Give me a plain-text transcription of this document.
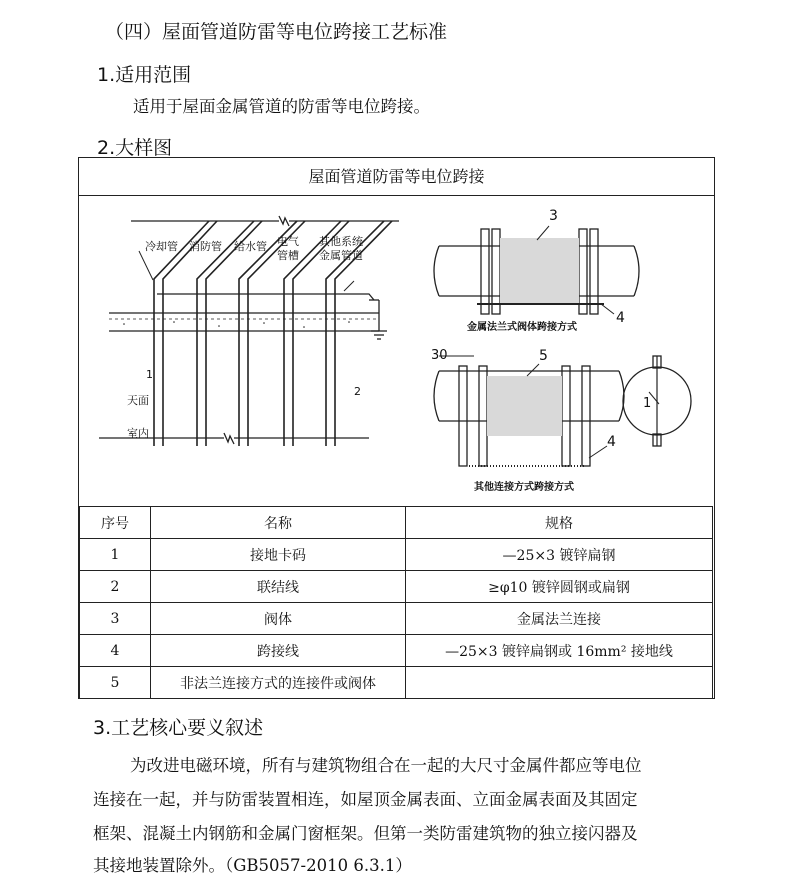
（四）屋面管道防雷等电位跨接工艺标准
1.适用范围
适用于屋面金属管道的防雷等电位跨接。
2.大样图
屋面管道防雷等电位跨接
天面
室内
1
2
冷却管 消防管 给水管 电气
管槽
其他系统
金属管道
金属法兰式阀体跨接方式
其他连接方式跨接方式
3
4
5
30
4
1
序号	名称	规格
1	接地卡码	—25×3 镀锌扁钢
2	联结线	≥φ10 镀锌圆钢或扁钢
3	阀体	金属法兰连接
4	跨接线	—25×3 镀锌扁钢或 16mm² 接地线
5	非法兰连接方式的连接件或阀体	
3.工艺核心要义叙述
为改进电磁环境，所有与建筑物组合在一起的大尺寸金属件都应等电位
连接在一起，并与防雷装置相连，如屋顶金属表面、立面金属表面及其固定
框架、混凝土内钢筋和金属门窗框架。但第一类防雷建筑物的独立接闪器及
其接地装置除外。（GB5057-2010 6.3.1）
